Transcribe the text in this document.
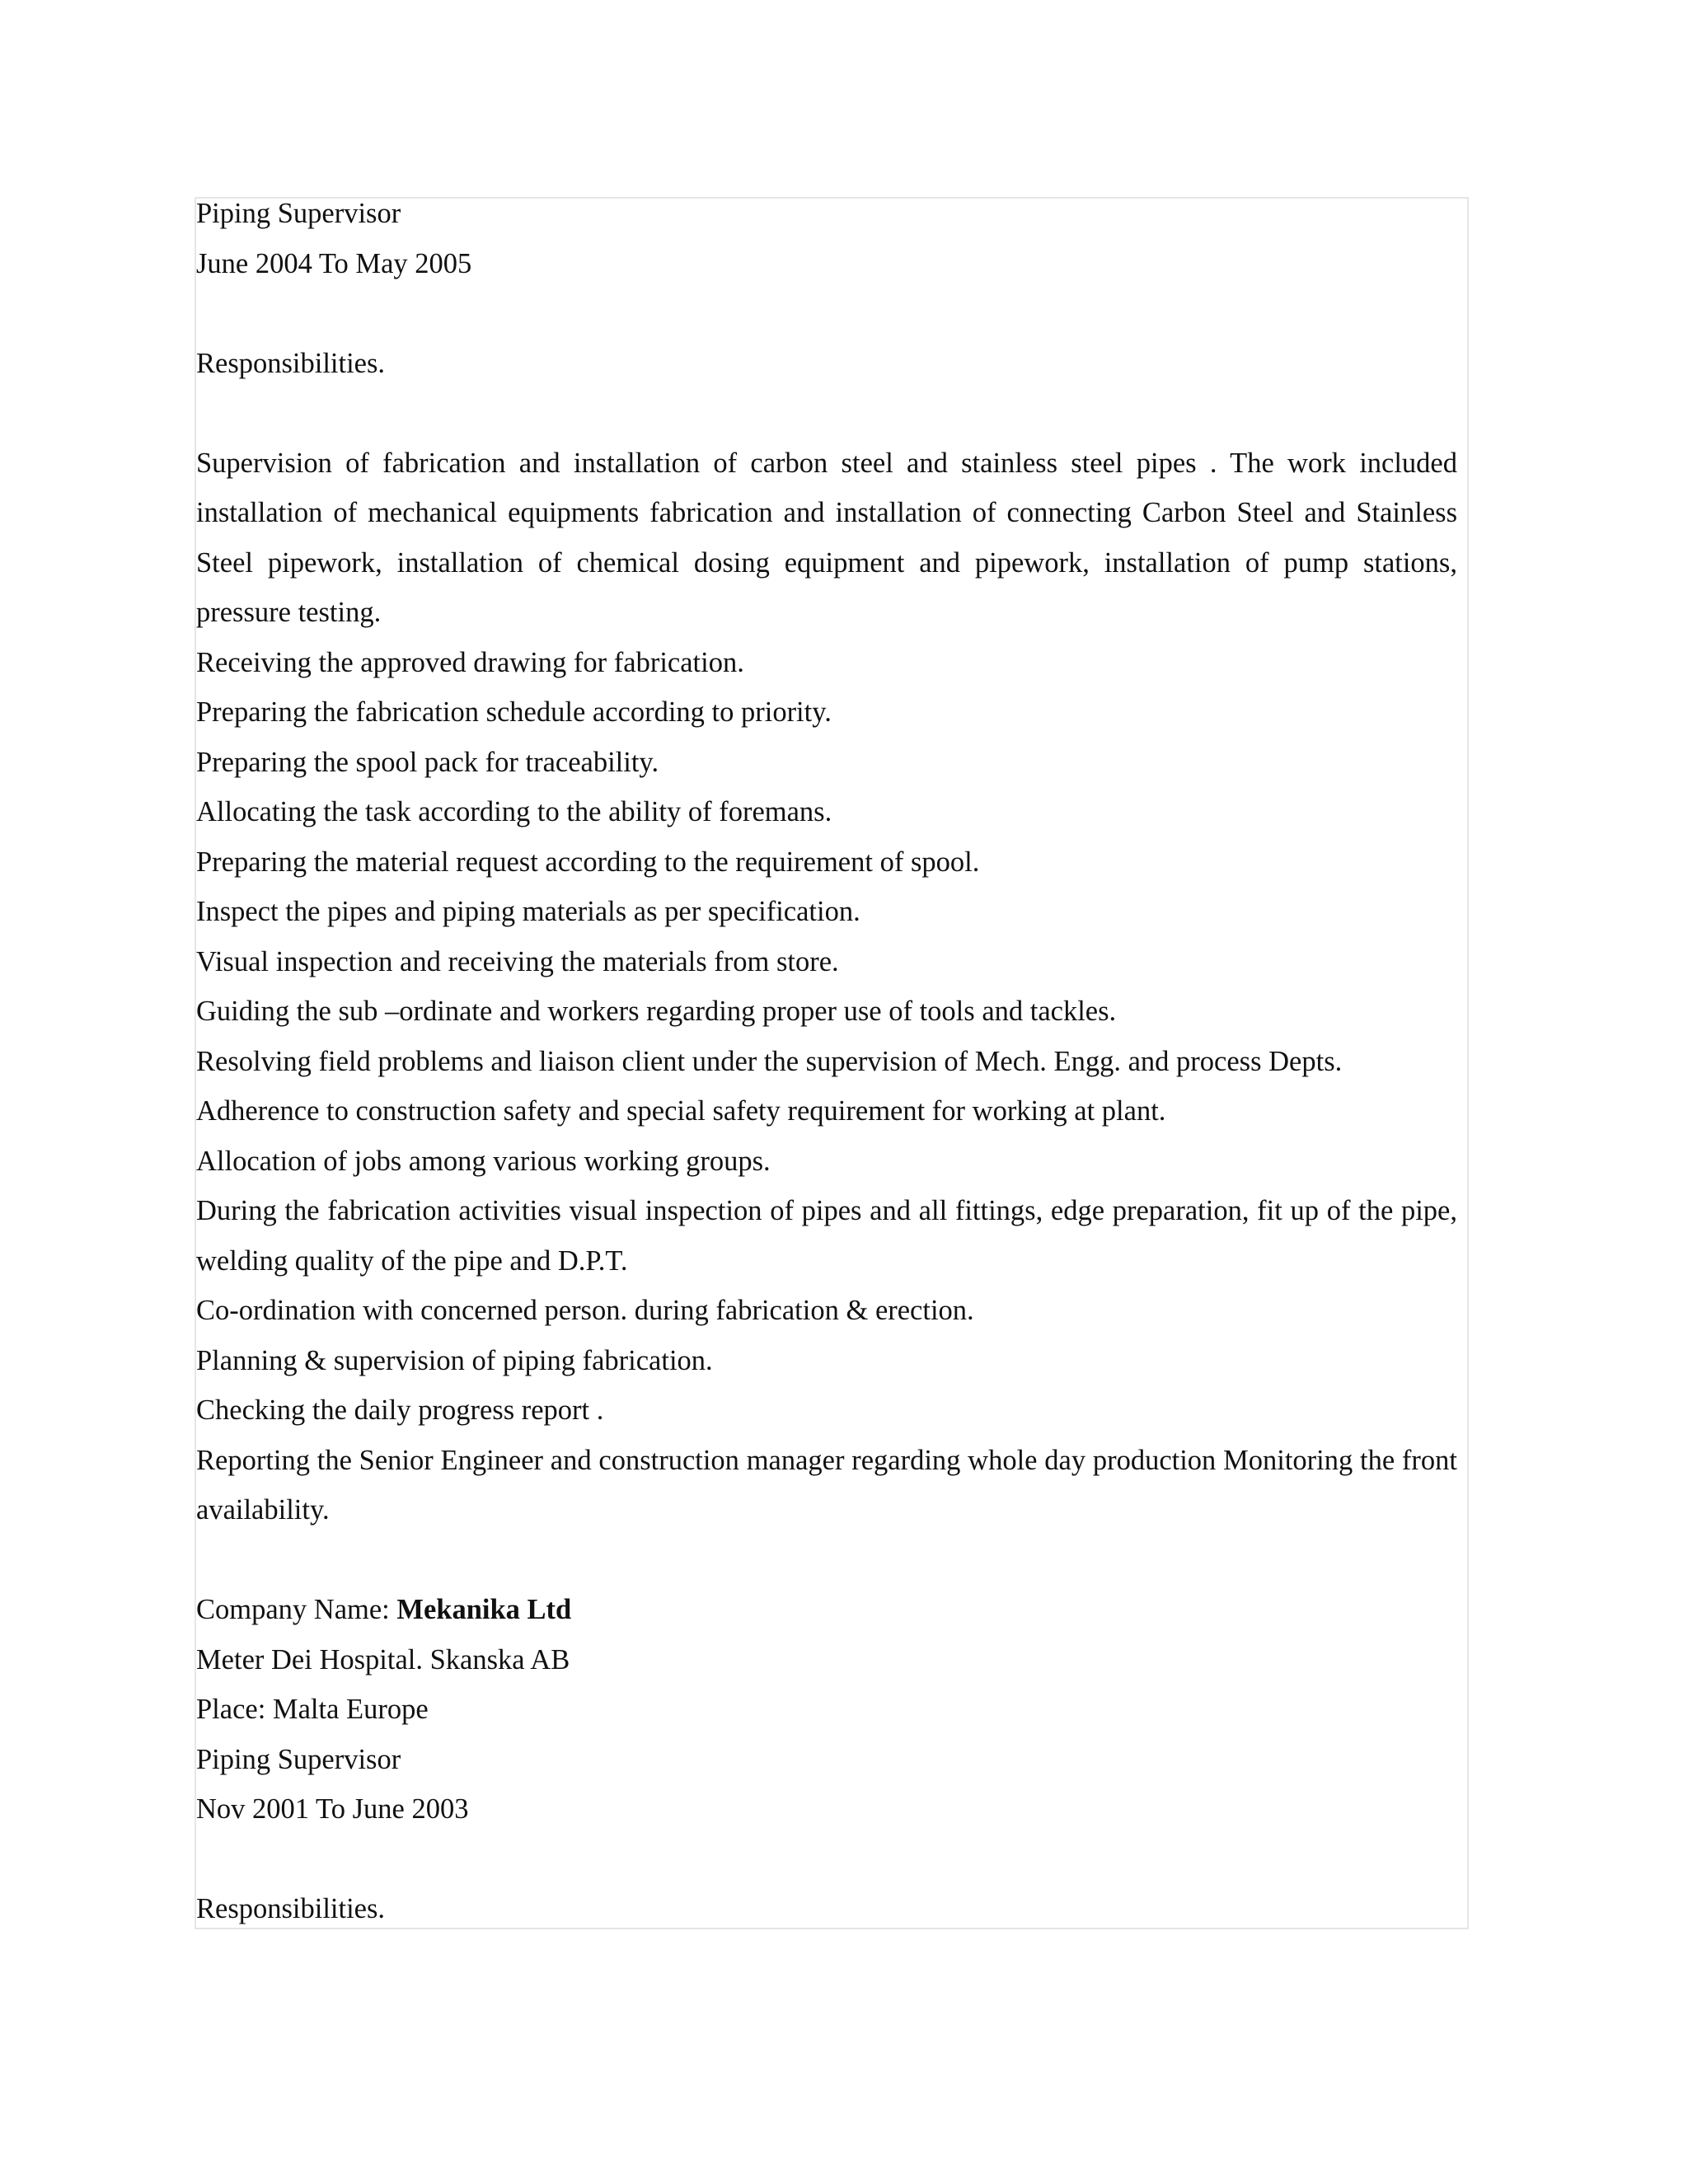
Piping Supervisor
June 2004 To May 2005
Responsibilities.
Supervision of fabrication and installation of carbon steel and stainless steel pipes . The work included installation of mechanical equipments fabrication and installation of connecting Carbon Steel and Stainless Steel pipework, installation of chemical dosing equipment and pipework, installation of pump stations, pressure testing.
Receiving the approved drawing for fabrication.
Preparing the fabrication schedule according to priority.
Preparing the spool pack for traceability.
Allocating the task according to the ability of foremans.
Preparing the material request according to the requirement of spool.
Inspect the pipes and piping materials as per specification.
Visual inspection and receiving the materials from store.
Guiding the sub –ordinate and workers regarding proper use of tools and tackles.
Resolving field problems and liaison client under the supervision of Mech. Engg. and process Depts.
Adherence to construction safety and special safety requirement for working at plant.
Allocation of jobs among various working groups.
During the fabrication activities visual inspection of pipes and all fittings, edge preparation, fit up of the pipe, welding quality of the pipe and D.P.T.
Co-ordination with concerned person. during fabrication & erection.
Planning & supervision of piping fabrication.
Checking the daily progress report .
Reporting the Senior Engineer and construction manager regarding whole day production Monitoring the front availability.
Company Name: Mekanika Ltd
Meter Dei Hospital. Skanska AB
Place: Malta Europe
Piping Supervisor
Nov 2001 To June 2003
Responsibilities.
